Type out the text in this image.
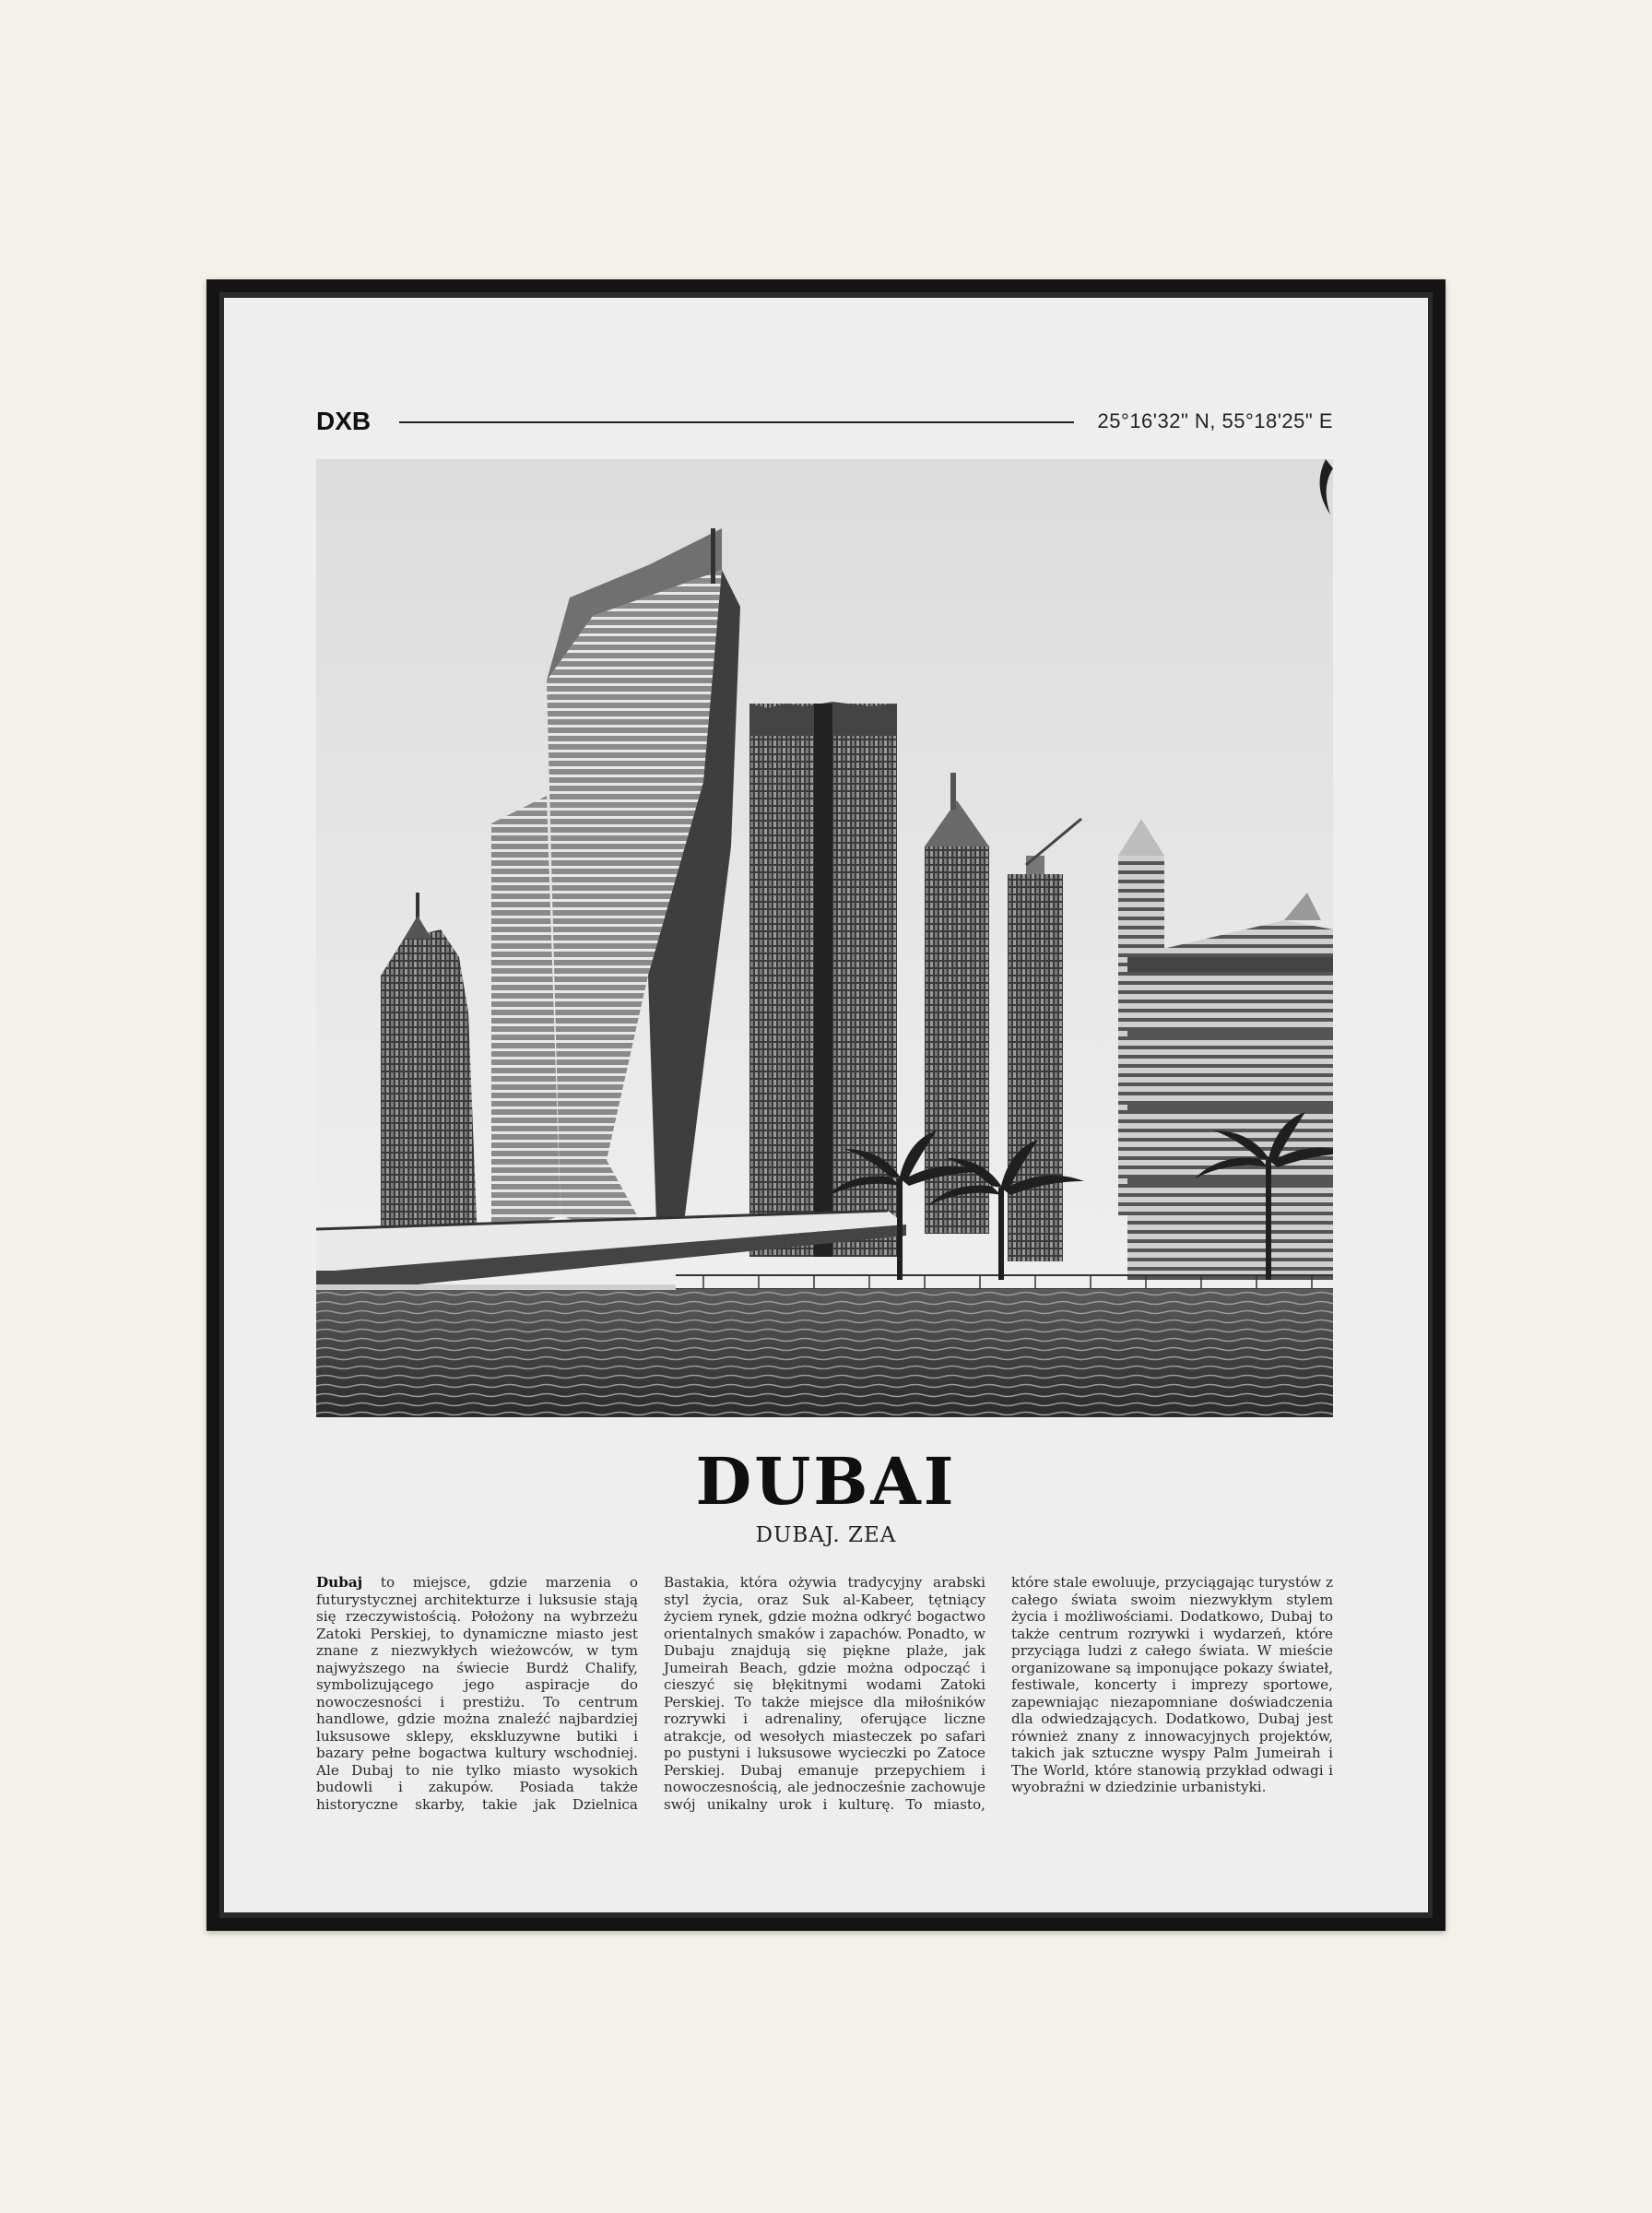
DXB	25°16'32" N, 55°18'25" E
DUBAI
DUBAJ. ZEA
Dubaj to miejsce, gdzie marzenia o futurystycznej architekturze i luksusie stają się rzeczywistością. Położony na wybrzeżu Zatoki Perskiej, to dynamiczne miasto jest znane z niezwykłych wieżowców, w tym najwyższego na świecie Burdż Chalify, symbolizującego jego aspiracje do nowoczesności i prestiżu. To centrum handlowe, gdzie można znaleźć najbardziej luksusowe sklepy, ekskluzywne butiki i bazary pełne bogactwa kultury wschodniej. Ale Dubaj to nie tylko miasto wysokich budowli i zakupów. Posiada także historyczne skarby, takie jak Dzielnica Bastakia, która ożywia tradycyjny arabski styl życia, oraz Suk al-Kabeer, tętniący życiem rynek, gdzie można odkryć bogactwo orientalnych smaków i zapachów. Ponadto, w Dubaju znajdują się piękne plaże, jak Jumeirah Beach, gdzie można odpocząć i cieszyć się błękitnymi wodami Zatoki Perskiej. To także miejsce dla miłośników rozrywki i adrenaliny, oferujące liczne atrakcje, od wesołych miasteczek po safari po pustyni i luksusowe wycieczki po Zatoce Perskiej. Dubaj emanuje przepychiem i nowoczesnością, ale jednocześnie zachowuje swój unikalny urok i kulturę. To miasto, które stale ewoluuje, przyciągając turystów z całego świata swoim niezwykłym stylem życia i możliwościami. Dodatkowo, Dubaj to także centrum rozrywki i wydarzeń, które przyciąga ludzi z całego świata. W mieście organizowane są imponujące pokazy świateł, festiwale, koncerty i imprezy sportowe, zapewniając niezapomniane doświadczenia dla odwiedzających. Dodatkowo, Dubaj jest również znany z innowacyjnych projektów, takich jak sztuczne wyspy Palm Jumeirah i The World, które stanowią przykład odwagi i wyobraźni w dziedzinie urbanistyki.
